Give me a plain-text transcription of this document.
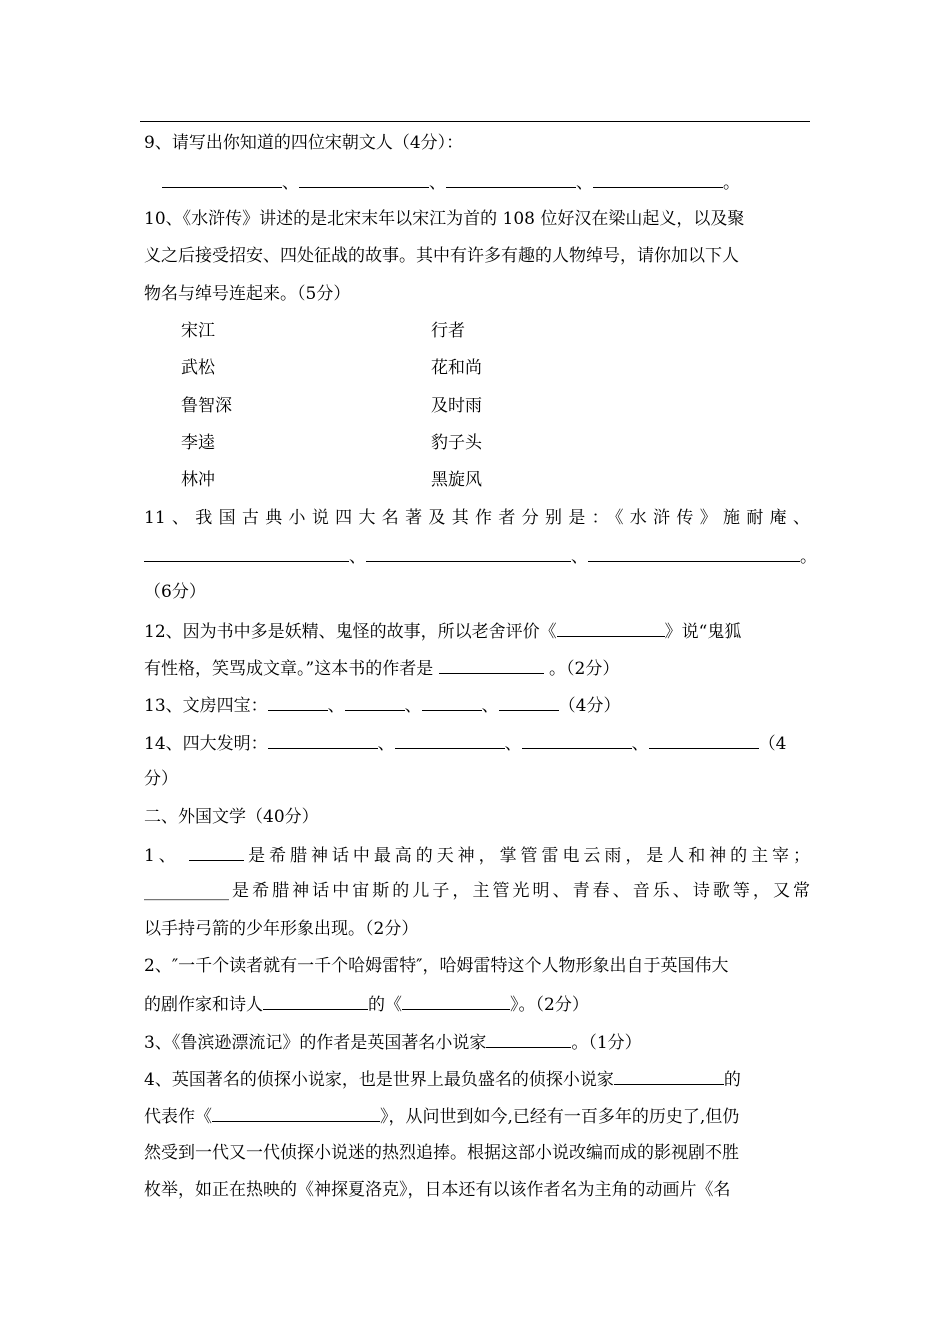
9、请写出你知道的四位宋朝文人（4分）：
、	、	、	。
10、《水浒传》讲述的是北宋末年以宋江为首的 108 位好汉在梁山起义，以及聚
义之后接受招安、四处征战的故事。其中有许多有趣的人物绰号，请你加以下人
物名与绰号连起来。（5分）
宋江	行者
武松	花和尚
鲁智深	及时雨
李逵	豹子头
林冲	黑旋风
11、我国古典小说四大名著及其作者分别是：《水浒传》施耐庵、
、	、	。
（6分）
12、因为书中多是妖精、鬼怪的故事，所以老舍评价《	》说“鬼狐
有性格，笑骂成文章。”这本书的作者是	。（2分）
13、文房四宝：	、	、	、	（4分）
14、四大发明：	、	、	、	（4
分）
二、外国文学（40分）
1、	是希腊神话中最高的天神，掌管雷电云雨，是人和神的主宰；
__________是希腊神话中宙斯的儿子，主管光明、青春、音乐、诗歌等，又常
以手持弓箭的少年形象出现。（2分）
2、″一千个读者就有一千个哈姆雷特″，哈姆雷特这个人物形象出自于英国伟大
的剧作家和诗人	的《	》。（2分）
3、《鲁滨逊漂流记》的作者是英国著名小说家	。（1分）
4、英国著名的侦探小说家，也是世界上最负盛名的侦探小说家	的
代表作《	》，从问世到如今,已经有一百多年的历史了,但仍
然受到一代又一代侦探小说迷的热烈追捧。根据这部小说改编而成的影视剧不胜
枚举，如正在热映的《神探夏洛克》，日本还有以该作者名为主角的动画片《名
